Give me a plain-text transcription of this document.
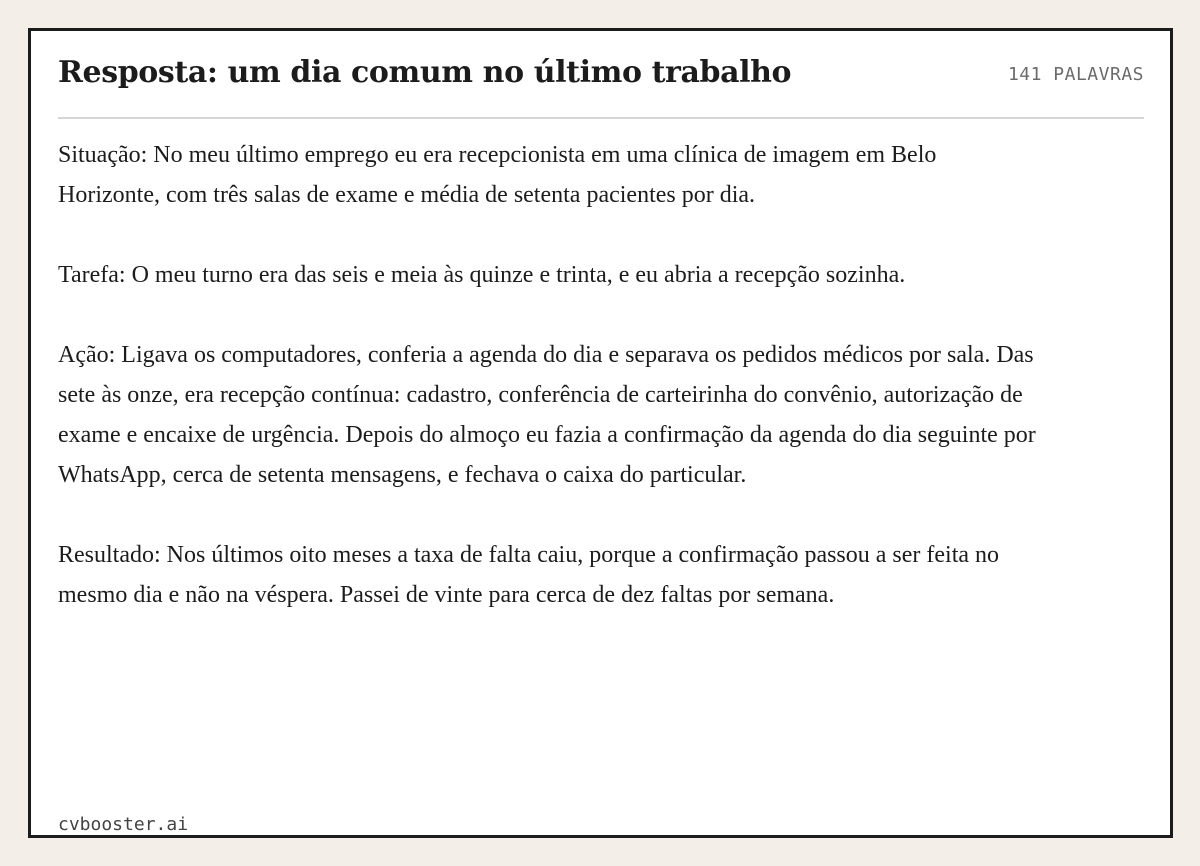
Resposta: um dia comum no último trabalho	141 PALAVRAS

Situação: No meu último emprego eu era recepcionista em uma clínica de imagem em Belo Horizonte, com três salas de exame e média de setenta pacientes por dia.

Tarefa: O meu turno era das seis e meia às quinze e trinta, e eu abria a recepção sozinha.

Ação: Ligava os computadores, conferia a agenda do dia e separava os pedidos médicos por sala. Das sete às onze, era recepção contínua: cadastro, conferência de carteirinha do convênio, autorização de exame e encaixe de urgência. Depois do almoço eu fazia a confirmação da agenda do dia seguinte por WhatsApp, cerca de setenta mensagens, e fechava o caixa do particular.

Resultado: Nos últimos oito meses a taxa de falta caiu, porque a confirmação passou a ser feita no mesmo dia e não na véspera. Passei de vinte para cerca de dez faltas por semana.

cvbooster.ai
